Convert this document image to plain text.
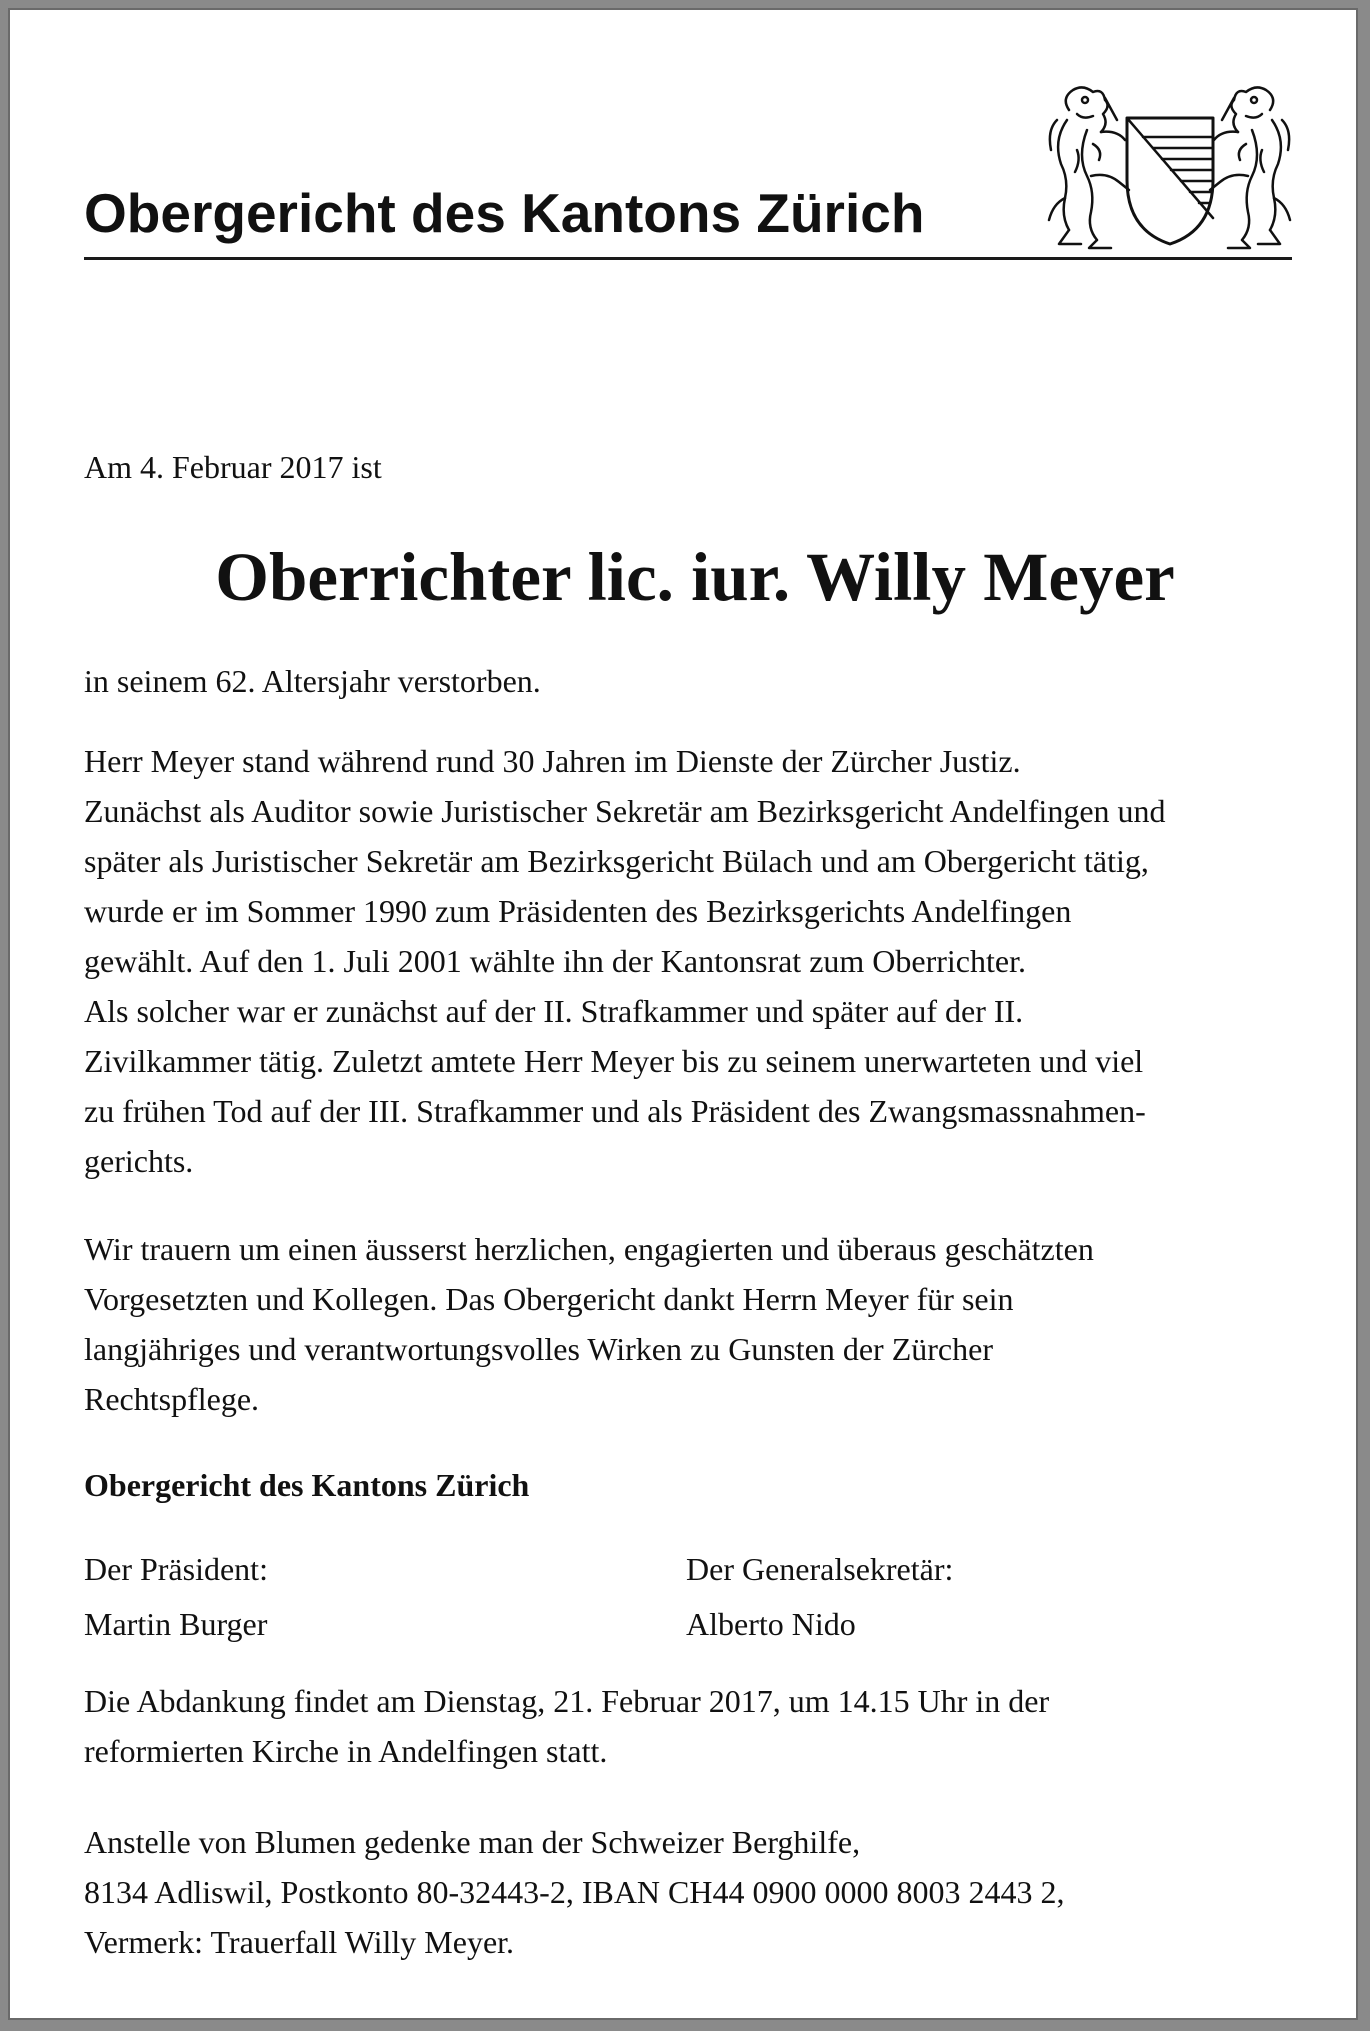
Obergericht des Kantons Zürich
Am 4. Februar 2017 ist
Oberrichter lic. iur. Willy Meyer
in seinem 62. Altersjahr verstorben.
Herr Meyer stand während rund 30 Jahren im Dienste der Zürcher Justiz.
Zunächst als Auditor sowie Juristischer Sekretär am Bezirksgericht Andelfingen und
später als Juristischer Sekretär am Bezirksgericht Bülach und am Obergericht tätig,
wurde er im Sommer 1990 zum Präsidenten des Bezirksgerichts Andelfingen
gewählt. Auf den 1. Juli 2001 wählte ihn der Kantonsrat zum Oberrichter.
Als solcher war er zunächst auf der II. Strafkammer und später auf der II.
Zivilkammer tätig. Zuletzt amtete Herr Meyer bis zu seinem unerwarteten und viel
zu frühen Tod auf der III. Strafkammer und als Präsident des Zwangsmassnahmen-
gerichts.
Wir trauern um einen äusserst herzlichen, engagierten und überaus geschätzten
Vorgesetzten und Kollegen. Das Obergericht dankt Herrn Meyer für sein
langjähriges und verantwortungsvolles Wirken zu Gunsten der Zürcher
Rechtspflege.
Obergericht des Kantons Zürich
Der Präsident:
Martin Burger
Der Generalsekretär:
Alberto Nido
Die Abdankung findet am Dienstag, 21. Februar 2017, um 14.15 Uhr in der
reformierten Kirche in Andelfingen statt.
Anstelle von Blumen gedenke man der Schweizer Berghilfe,
8134 Adliswil, Postkonto 80-32443-2, IBAN CH44 0900 0000 8003 2443 2,
Vermerk: Trauerfall Willy Meyer.
